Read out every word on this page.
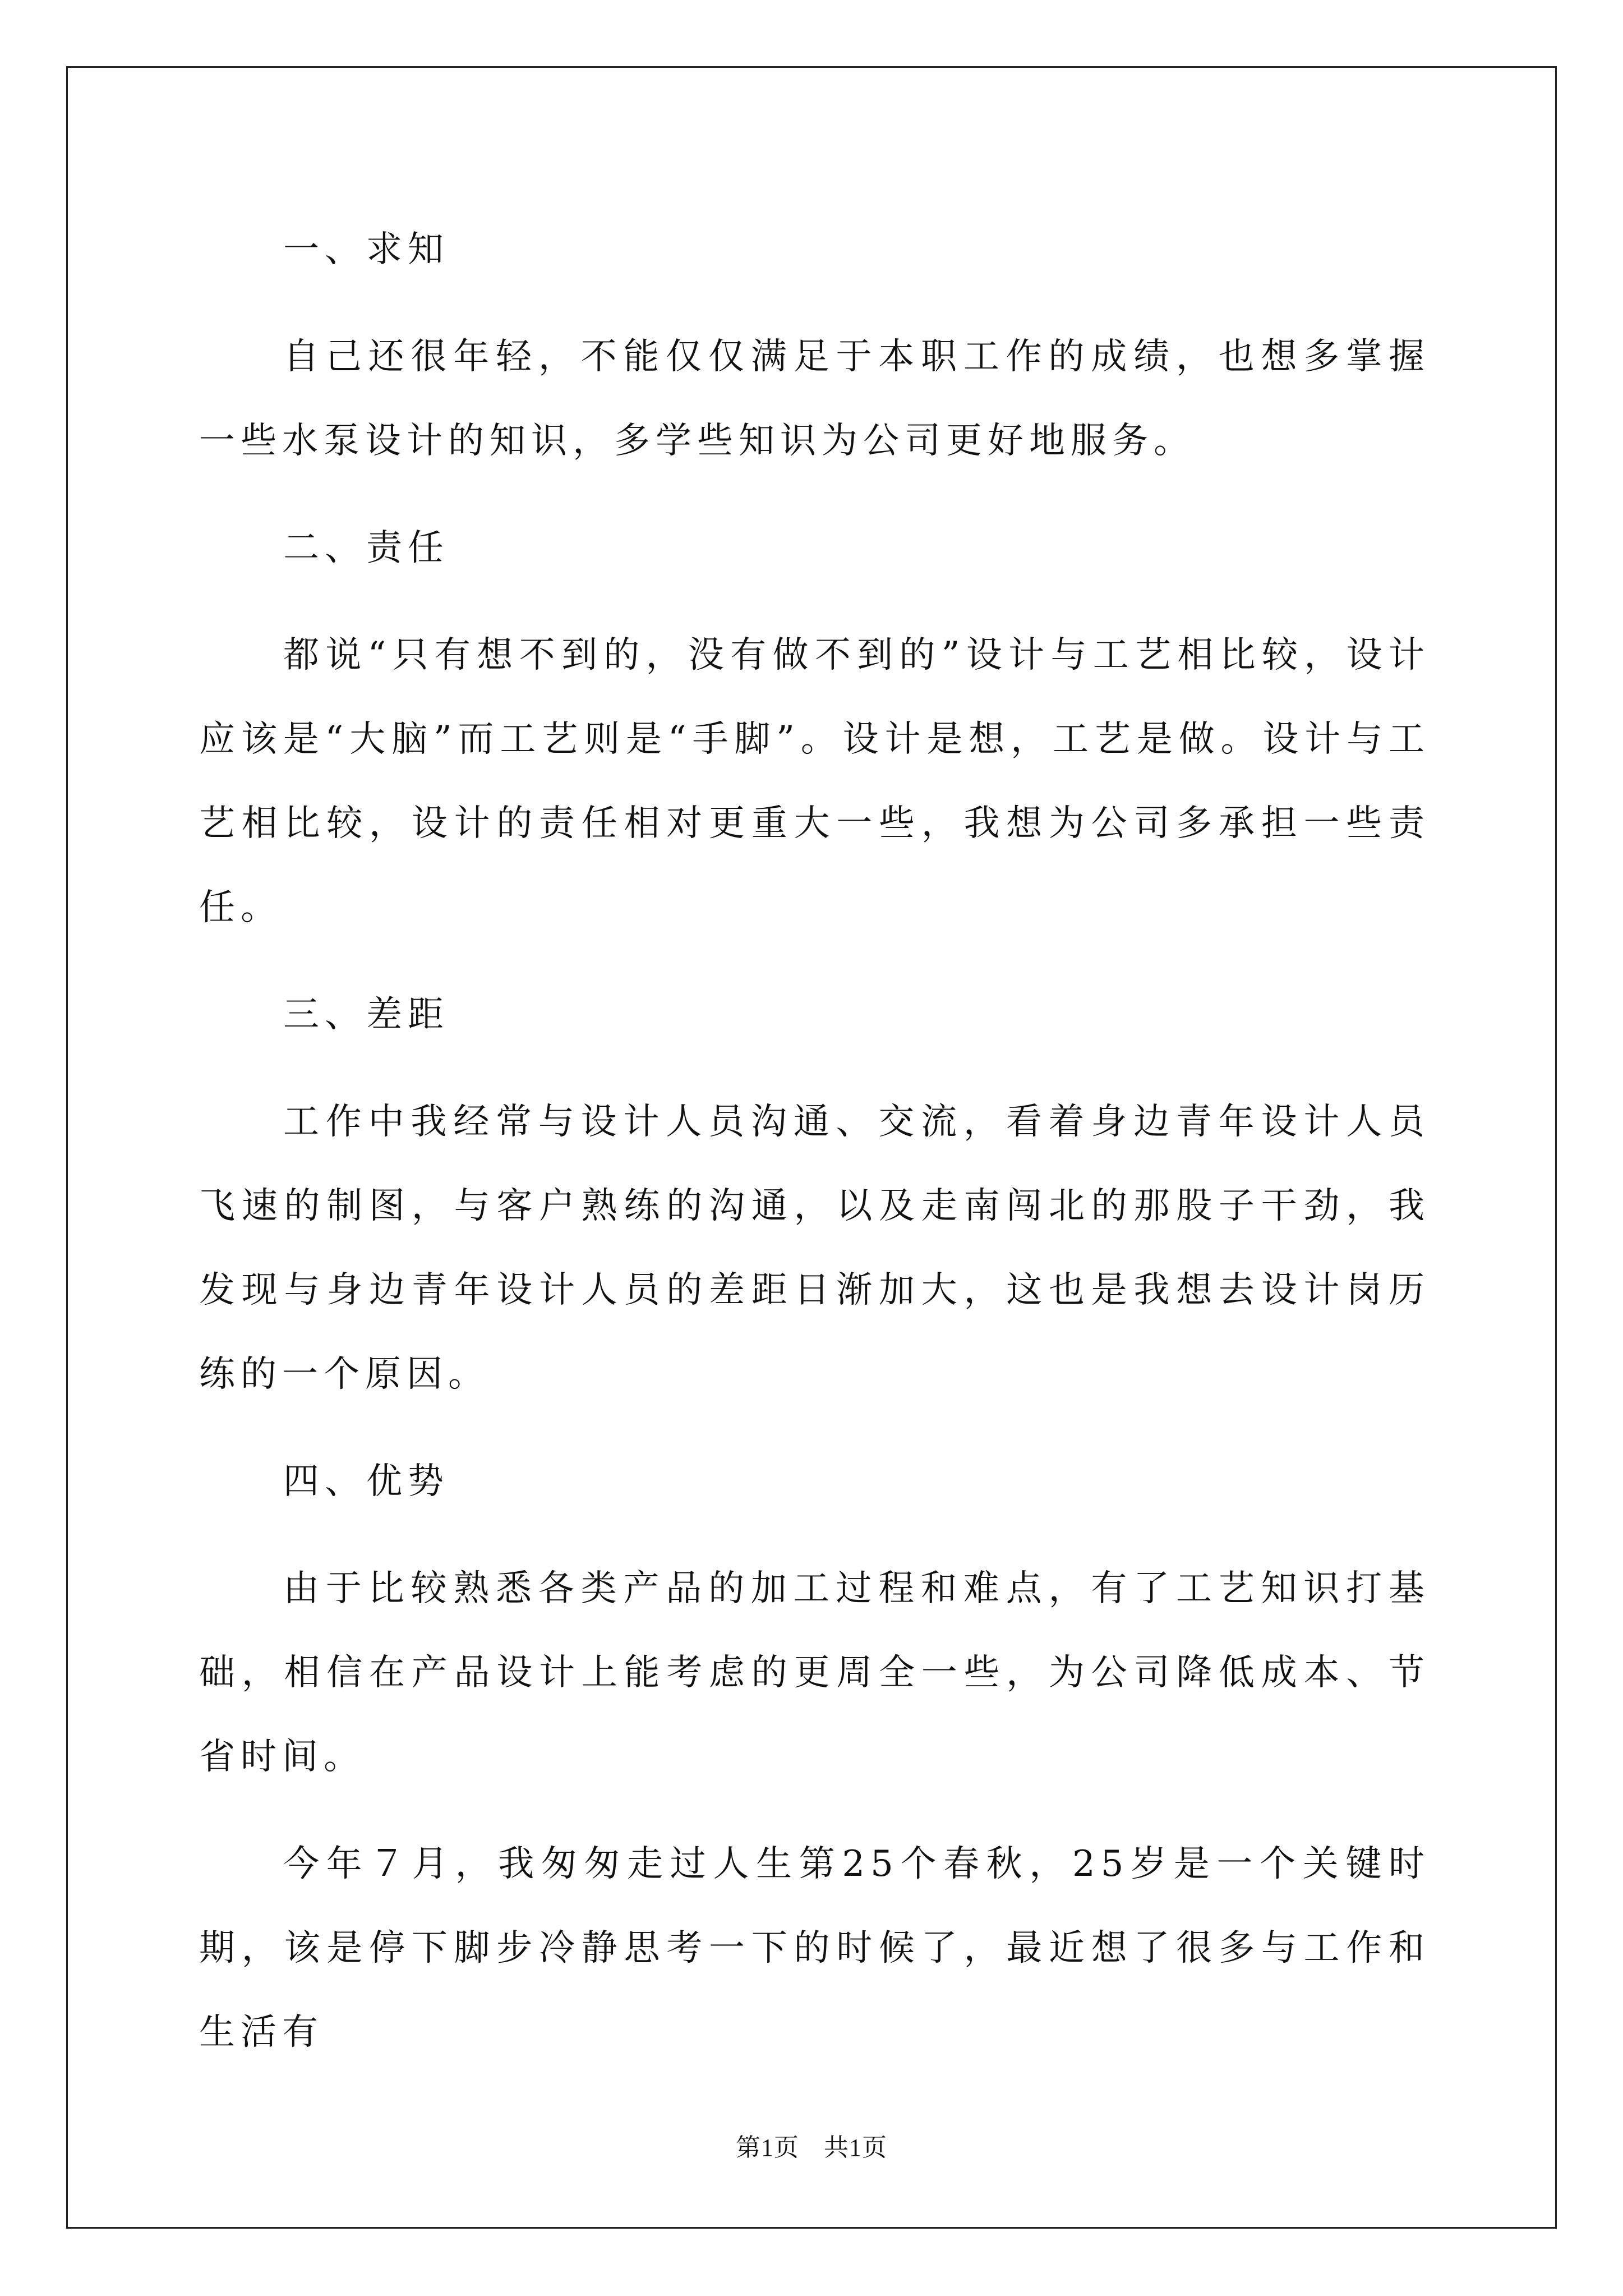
一、求知

自己还很年轻，不能仅仅满足于本职工作的成绩，也想多掌握一些水泵设计的知识，多学些知识为公司更好地服务。

二、责任

都说“只有想不到的，没有做不到的”设计与工艺相比较，设计应该是“大脑”而工艺则是“手脚”。设计是想，工艺是做。设计与工艺相比较，设计的责任相对更重大一些，我想为公司多承担一些责任。

三、差距

工作中我经常与设计人员沟通、交流，看着身边青年设计人员飞速的制图，与客户熟练的沟通，以及走南闯北的那股子干劲，我发现与身边青年设计人员的差距日渐加大，这也是我想去设计岗历练的一个原因。

四、优势

由于比较熟悉各类产品的加工过程和难点，有了工艺知识打基础，相信在产品设计上能考虑的更周全一些，为公司降低成本、节省时间。

今年７月，我匆匆走过人生第25个春秋，25岁是一个关键时期，该是停下脚步冷静思考一下的时候了，最近想了很多与工作和生活有

第1页 共1页
